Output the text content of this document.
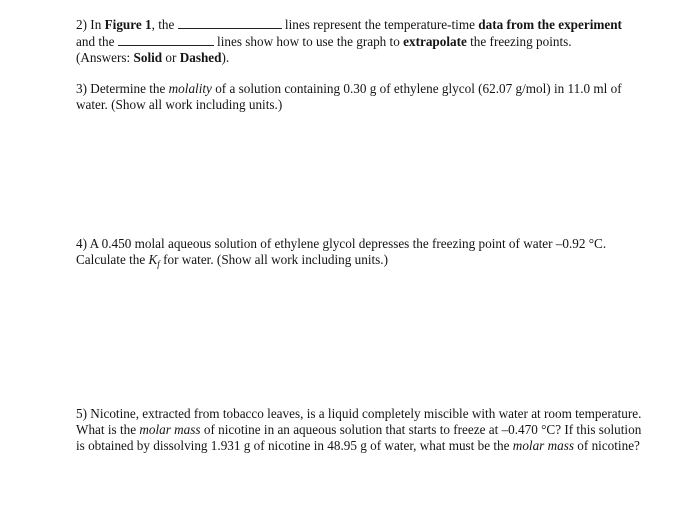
2) In Figure 1, the	lines represent the temperature-time data from the experiment
and the	lines show how to use the graph to extrapolate the freezing points.
(Answers: Solid or Dashed).
3) Determine the molality of a solution containing 0.30 g of ethylene glycol (62.07 g/mol) in 11.0 ml of
water. (Show all work including units.)
4) A 0.450 molal aqueous solution of ethylene glycol depresses the freezing point of water –0.92 °C.
Calculate the $K_f$ for water. (Show all work including units.)
5) Nicotine, extracted from tobacco leaves, is a liquid completely miscible with water at room temperature.
What is the molar mass of nicotine in an aqueous solution that starts to freeze at –0.470 °C? If this solution
is obtained by dissolving 1.931 g of nicotine in 48.95 g of water, what must be the molar mass of nicotine?
